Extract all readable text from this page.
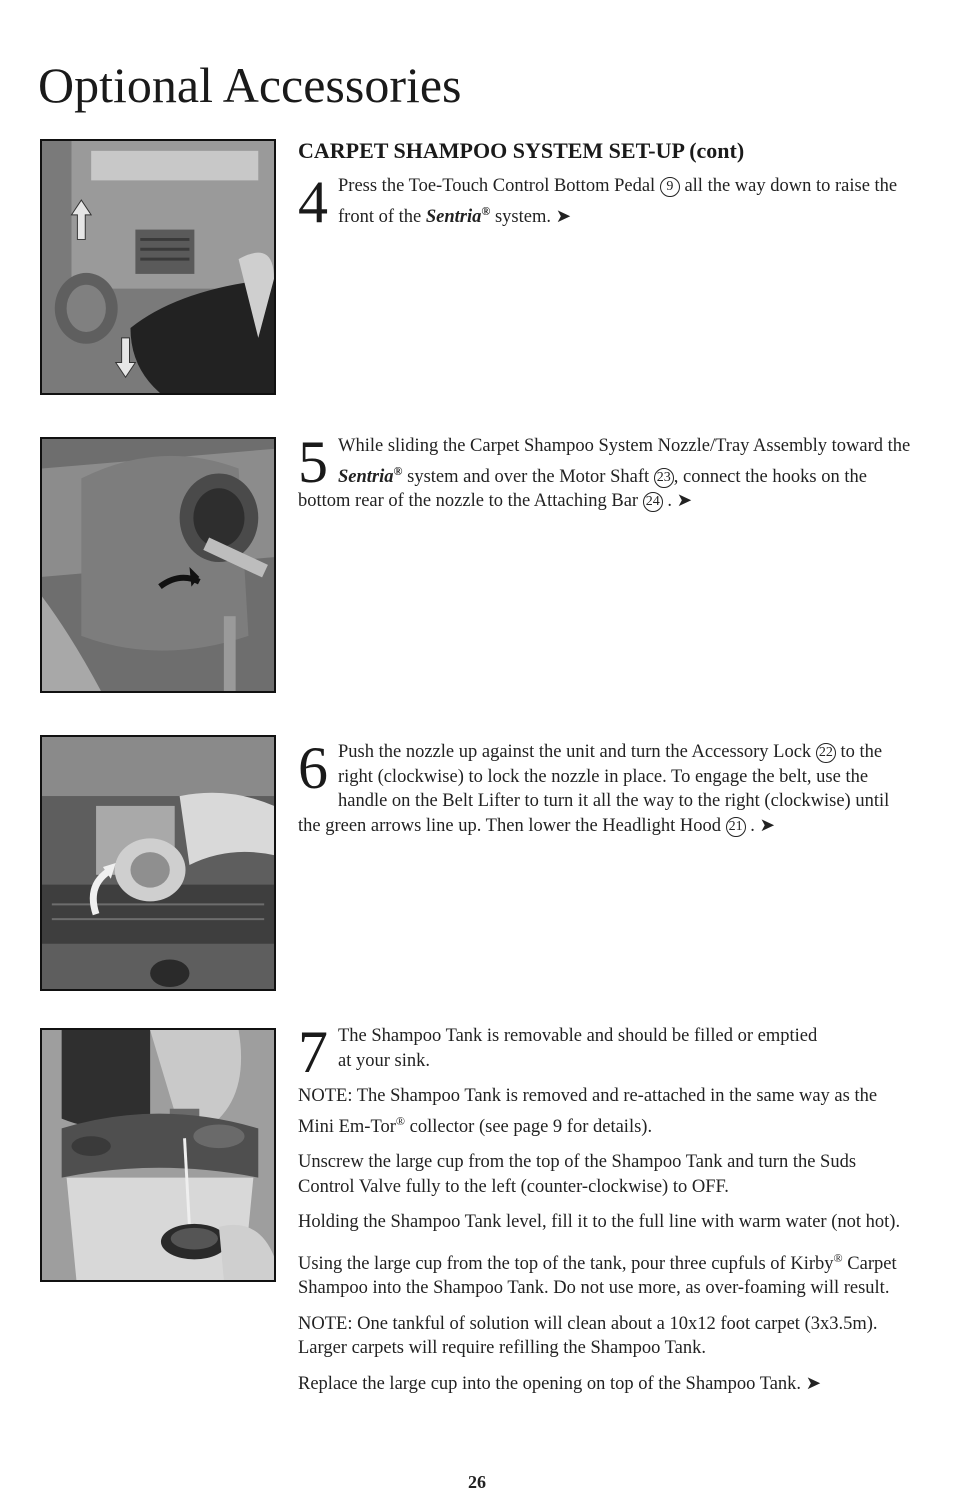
Optional Accessories
CARPET SHAMPOO SYSTEM SET-UP (cont)
4 Press the Toe-Touch Control Bottom Pedal 9 all the way down to raise the front of the Sentria® system. ➤

5 While sliding the Carpet Shampoo System Nozzle/Tray Assembly toward the Sentria® system and over the Motor Shaft 23 , connect the hooks on the bottom rear of the nozzle to the Attaching Bar 24 . ➤

6 Push the nozzle up against the unit and turn the Accessory Lock 22 to the right (clockwise) to lock the nozzle in place. To engage the belt, use the handle on the Belt Lifter to turn it all the way to the right (clockwise) until the green arrows line up. Then lower the Headlight Hood 21 . ➤

7 The Shampoo Tank is removable and should be filled or emptied at your sink.

NOTE: The Shampoo Tank is removed and re-attached in the same way as the Mini Em-Tor® collector (see page 9 for details).

Unscrew the large cup from the top of the Shampoo Tank and turn the Suds Control Valve fully to the left (counter-clockwise) to OFF.

Holding the Shampoo Tank level, fill it to the full line with warm water (not hot).

Using the large cup from the top of the tank, pour three cupfuls of Kirby® Carpet Shampoo into the Shampoo Tank. Do not use more, as over-foaming will result.

NOTE: One tankful of solution will clean about a 10x12 foot carpet (3x3.5m). Larger carpets will require refilling the Shampoo Tank.

Replace the large cup into the opening on top of the Shampoo Tank. ➤

26
